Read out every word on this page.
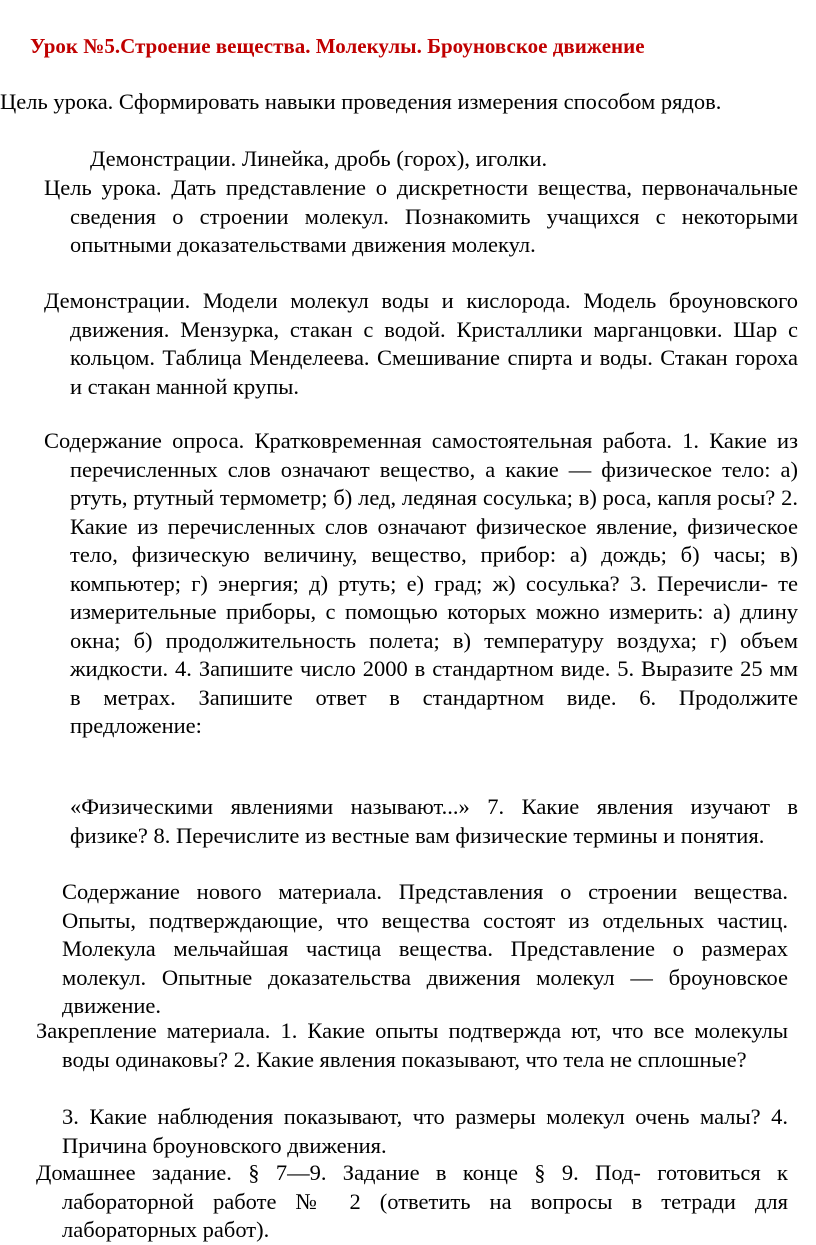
Урок №5.Строение вещества. Молекулы. Броуновское движение
Цель урока. Сформировать навыки проведения измерения способом рядов.
Демонстрации. Линейка, дробь (горох), иголки.
Цель урока. Дать представление о дискретности вещества, первоначальные сведения о строении молекул. Познакомить учащихся с некоторыми опытными доказательствами движения молекул.
Демонстрации. Модели молекул воды и кислорода. Модель броуновского движения. Мензурка, стакан с водой. Кристаллики марганцовки. Шар с кольцом. Таблица Менделеева. Смешивание спирта и воды. Стакан гороха и стакан манной крупы.
Содержание опроса. Кратковременная самостоятельная работа. 1. Какие из перечисленных слов означают вещество, а какие — физическое тело: а) ртуть, ртутный термометр; б) лед, ледяная сосулька; в) роса, капля росы? 2. Какие из перечисленных слов означают физическое явление, физическое тело, физическую величину, вещество, прибор: а) дождь; б) часы; в) компьютер; г) энергия; д) ртуть; е) град; ж) сосулька? 3. Перечисли- те измерительные приборы, с помощью которых можно измерить: а) длину окна; б) продолжительность полета; в) температуру воздуха; г) объем жидкости. 4. Запишите число 2000 в стандартном виде. 5. Выразите 25 мм в метрах. Запишите ответ в стандартном виде. 6. Продолжите предложение:
«Физическими явлениями называют...» 7. Какие явления изучают в физике? 8. Перечислите из вестные вам физические термины и понятия.
Содержание нового материала. Представления о строении вещества. Опыты, подтверждающие, что вещества состоят из отдельных частиц. Молекула мельчайшая частица вещества. Представление о размерах молекул. Опытные доказательства движения молекул — броуновское движение.
Закрепление материала. 1. Какие опыты подтвержда ют, что все молекулы воды одинаковы? 2. Какие явления показывают, что тела не сплошные?
3. Какие наблюдения показывают, что размеры молекул очень малы? 4. Причина броуновского движения.
Домашнее задание. § 7—9. Задание в конце § 9. Под- готовиться к лабораторной работе № 2 (ответить на вопросы в тетради для лабораторных работ).
